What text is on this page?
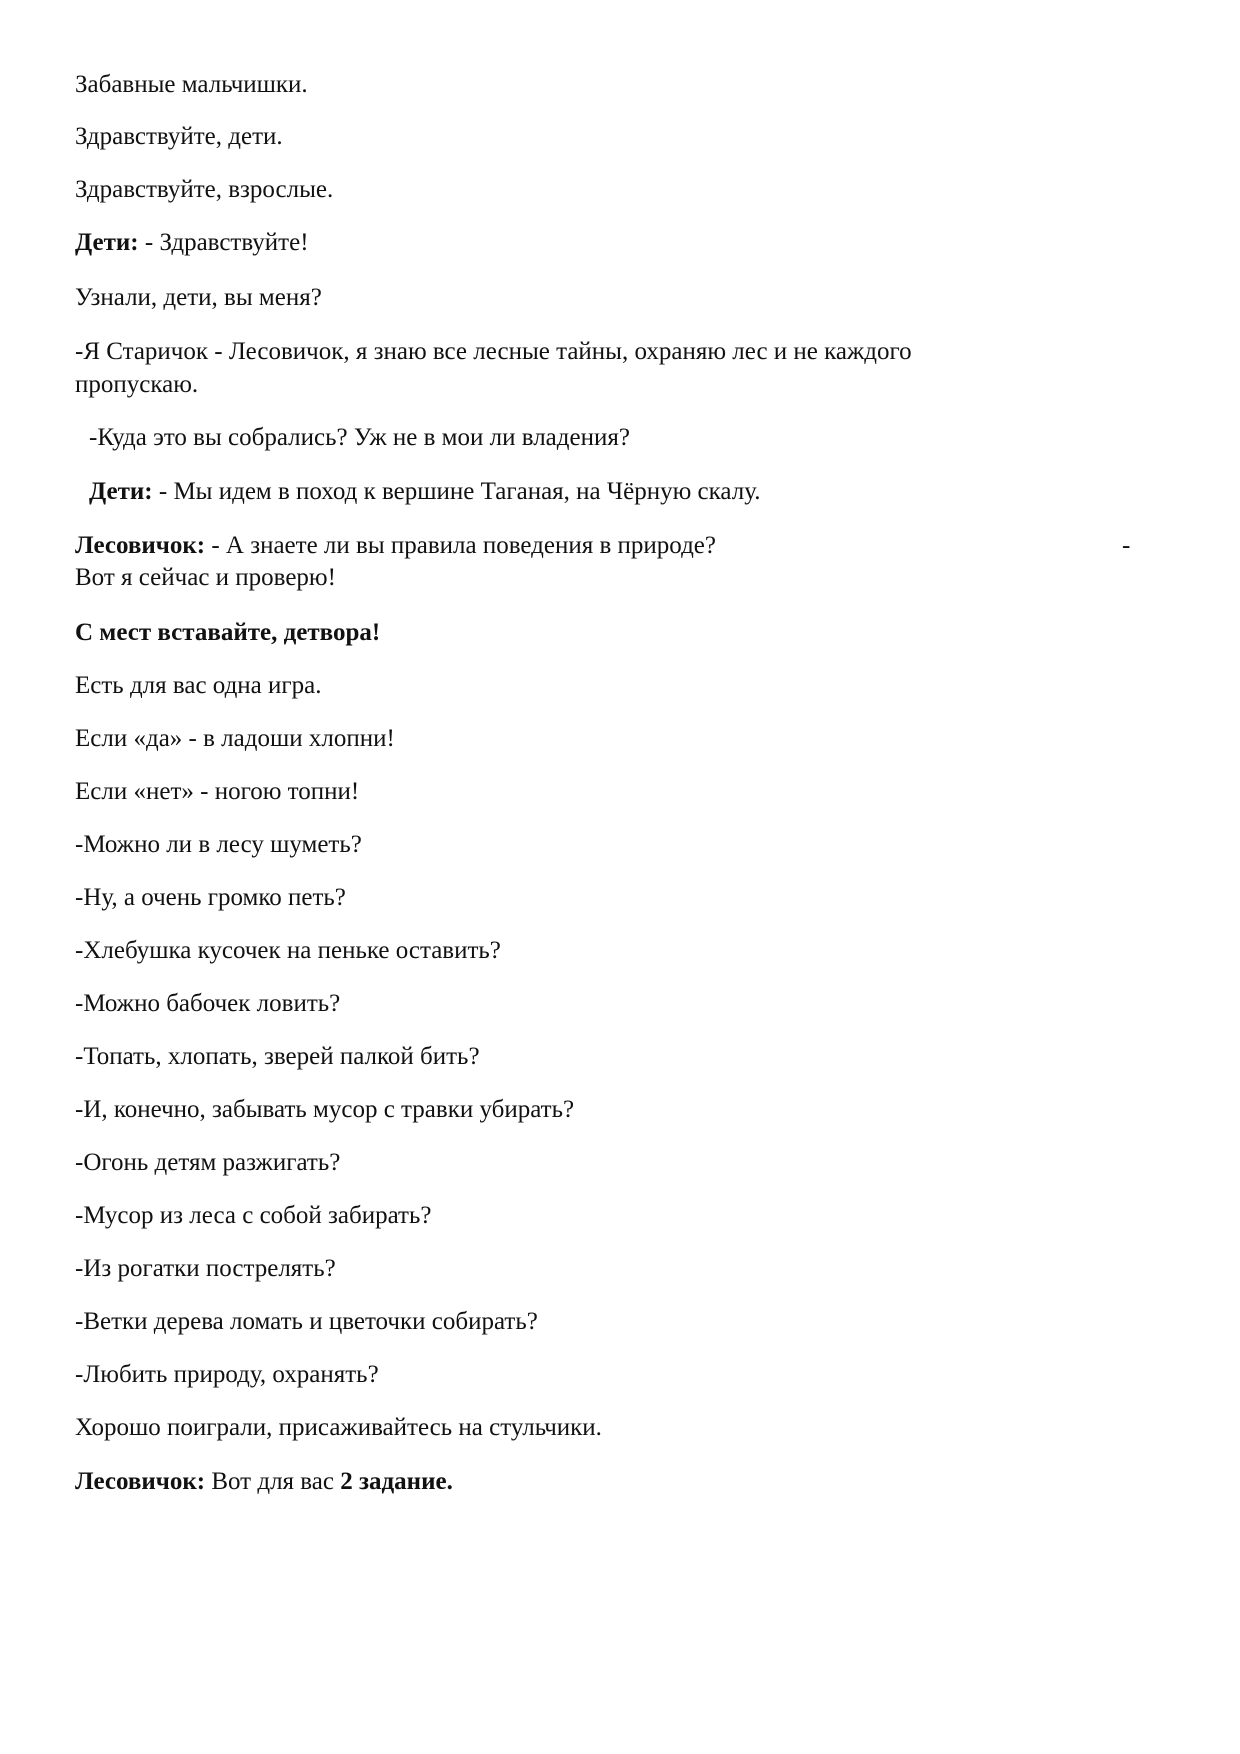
Забавные мальчишки.
Здравствуйте, дети.
Здравствуйте, взрослые.
Дети: - Здравствуйте!
Узнали, дети, вы меня?
-Я Старичок - Лесовичок, я знаю все лесные тайны, охраняю лес и не каждого
пропускаю.
-Куда это вы собрались? Уж не в мои ли владения?
Дети: - Мы идем в поход к вершине Таганая, на Чёрную скалу.
Лесовичок: - А знаете ли вы правила поведения в природе?	-
Вот я сейчас и проверю!
С мест вставайте, детвора!
Есть для вас одна игра.
Если «да» - в ладоши хлопни!
Если «нет» - ногою топни!
-Можно ли в лесу шуметь?
-Ну, а очень громко петь?
-Хлебушка кусочек на пеньке оставить?
-Можно бабочек ловить?
-Топать, хлопать, зверей палкой бить?
-И, конечно, забывать мусор с травки убирать?
-Огонь детям разжигать?
-Мусор из леса с собой забирать?
-Из рогатки пострелять?
-Ветки дерева ломать и цветочки собирать?
-Любить природу, охранять?
Хорошо поиграли, присаживайтесь на стульчики.
Лесовичок: Вот для вас 2 задание.
